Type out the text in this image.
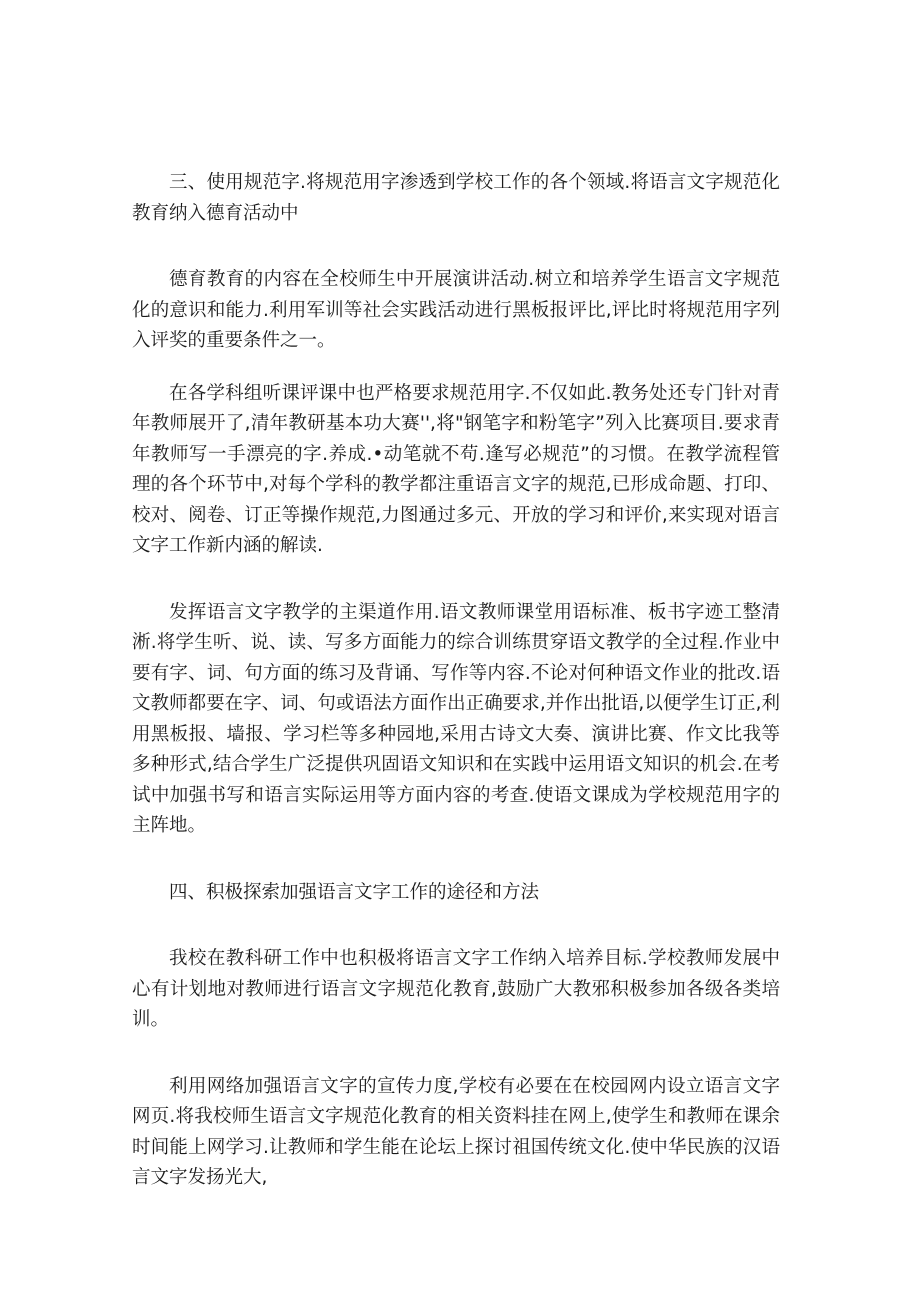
三、使用规范字.将规范用字渗透到学校工作的各个领域.将语言文字规范化教育纳入德育活动中

德育教育的内容在全校师生中开展演讲活动.树立和培养学生语言文字规范化的意识和能力.利用军训等社会实践活动进行黑板报评比,评比时将规范用字列入评奖的重要条件之一。

在各学科组听课评课中也严格要求规范用字.不仅如此.教务处还专门针对青年教师展开了,清年教研基本功大赛'',将"钢笔字和粉笔字”列入比赛项目.要求青年教师写一手漂亮的字.养成.•动笔就不苟.逢写必规范”的习惯。在教学流程管理的各个环节中,对每个学科的教学都注重语言文字的规范,已形成命题、打印、校对、阅卷、订正等操作规范,力图通过多元、开放的学习和评价,来实现对语言文字工作新内涵的解读.

发挥语言文字教学的主渠道作用.语文教师课堂用语标准、板书字迹工整清淅.将学生听、说、读、写多方面能力的综合训练贯穿语文教学的全过程.作业中要有字、词、句方面的练习及背诵、写作等内容.不论对何种语文作业的批改.语文教师都要在字、词、句或语法方面作出正确要求,并作出批语,以便学生订正,利用黑板报、墙报、学习栏等多种园地,采用古诗文大奏、演讲比赛、作文比我等多种形式,结合学生广泛提供巩固语文知识和在实践中运用语文知识的机会.在考试中加强书写和语言实际运用等方面内容的考查.使语文课成为学校规范用字的主阵地。

四、积极探索加强语言文字工作的途径和方法

我校在教科研工作中也积极将语言文字工作纳入培养目标.学校教师发展中心有计划地对教师进行语言文字规范化教育,鼓励广大教邪积极参加各级各类培训。

利用网络加强语言文字的宣传力度,学校有必要在在校园网内设立语言文字网页.将我校师生语言文字规范化教育的相关资料挂在网上,使学生和教师在课余时间能上网学习.让教师和学生能在论坛上探讨祖国传统文化.使中华民族的汉语言文字发扬光大,
